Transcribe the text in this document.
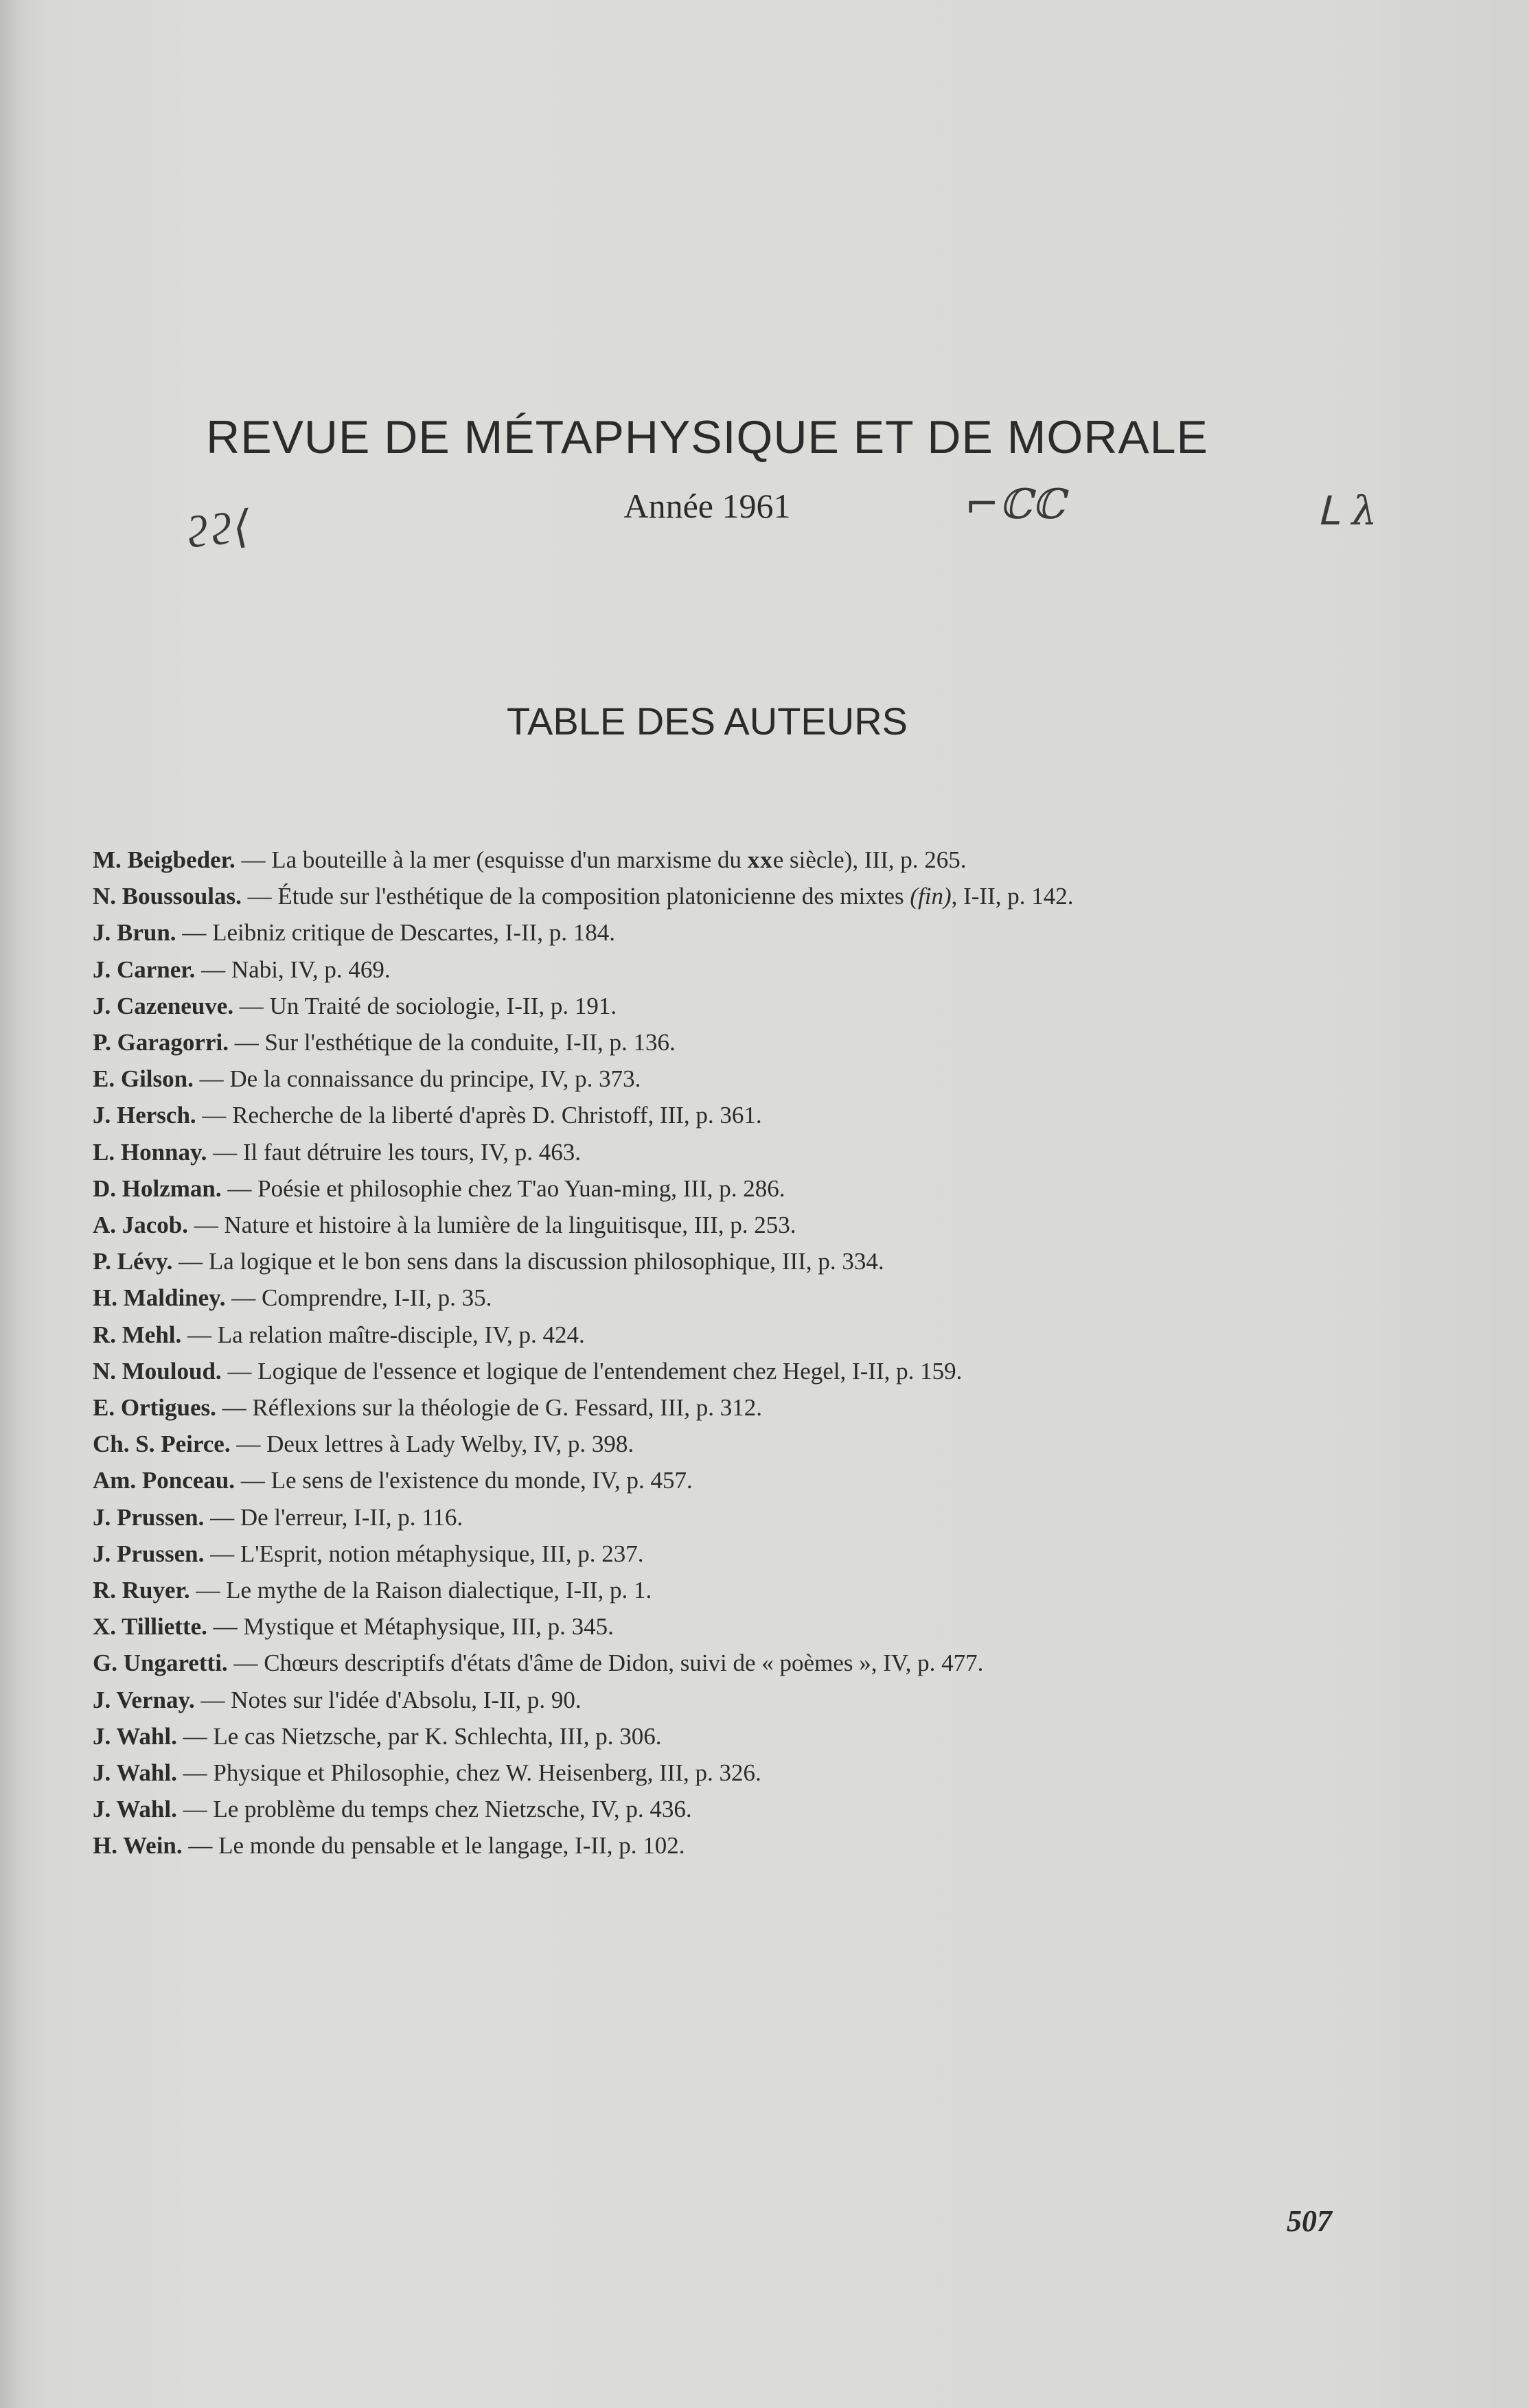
REVUE DE MÉTAPHYSIQUE ET DE MORALE
ϩϩ⟨	Année 1961	⌐ℂℂ	ᒪ λ
TABLE DES AUTEURS
M. Beigbeder. — La bouteille à la mer (esquisse d'un marxisme du xxe siècle), III, p. 265.
N. Boussoulas. — Étude sur l'esthétique de la composition platonicienne des mixtes (fin), I-II, p. 142.
J. Brun. — Leibniz critique de Descartes, I-II, p. 184.
J. Carner. — Nabi, IV, p. 469.
J. Cazeneuve. — Un Traité de sociologie, I-II, p. 191.
P. Garagorri. — Sur l'esthétique de la conduite, I-II, p. 136.
E. Gilson. — De la connaissance du principe, IV, p. 373.
J. Hersch. — Recherche de la liberté d'après D. Christoff, III, p. 361.
L. Honnay. — Il faut détruire les tours, IV, p. 463.
D. Holzman. — Poésie et philosophie chez T'ao Yuan-ming, III, p. 286.
A. Jacob. — Nature et histoire à la lumière de la linguitisque, III, p. 253.
P. Lévy. — La logique et le bon sens dans la discussion philosophique, III, p. 334.
H. Maldiney. — Comprendre, I-II, p. 35.
R. Mehl. — La relation maître-disciple, IV, p. 424.
N. Mouloud. — Logique de l'essence et logique de l'entendement chez Hegel, I-II, p. 159.
E. Ortigues. — Réflexions sur la théologie de G. Fessard, III, p. 312.
Ch. S. Peirce. — Deux lettres à Lady Welby, IV, p. 398.
Am. Ponceau. — Le sens de l'existence du monde, IV, p. 457.
J. Prussen. — De l'erreur, I-II, p. 116.
J. Prussen. — L'Esprit, notion métaphysique, III, p. 237.
R. Ruyer. — Le mythe de la Raison dialectique, I-II, p. 1.
X. Tilliette. — Mystique et Métaphysique, III, p. 345.
G. Ungaretti. — Chœurs descriptifs d'états d'âme de Didon, suivi de « poèmes », IV, p. 477.
J. Vernay. — Notes sur l'idée d'Absolu, I-II, p. 90.
J. Wahl. — Le cas Nietzsche, par K. Schlechta, III, p. 306.
J. Wahl. — Physique et Philosophie, chez W. Heisenberg, III, p. 326.
J. Wahl. — Le problème du temps chez Nietzsche, IV, p. 436.
H. Wein. — Le monde du pensable et le langage, I-II, p. 102.

507
